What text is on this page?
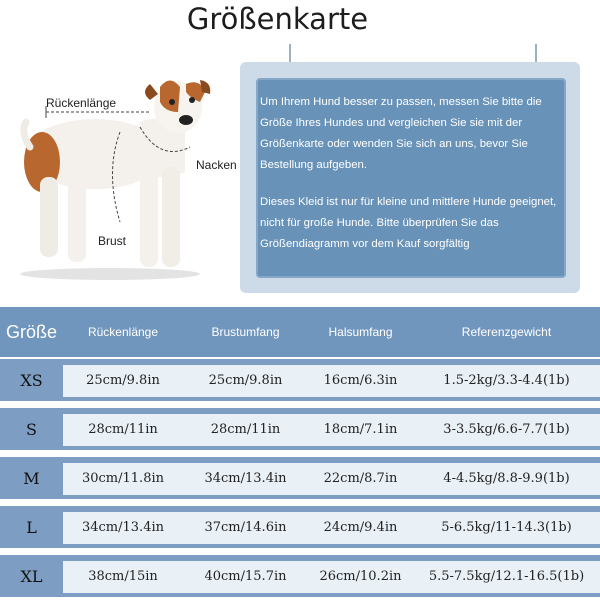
Größenkarte
Rückenlänge
Nacken
Brust

Um Ihrem Hund besser zu passen, messen Sie bitte die Größe Ihres Hundes und vergleichen Sie sie mit der Größenkarte oder wenden Sie sich an uns, bevor Sie Bestellung aufgeben.

Dieses Kleid ist nur für kleine und mittlere Hunde geeignet, nicht für große Hunde. Bitte überprüfen Sie das Größendiagramm vor dem Kauf sorgfältig

Größe	Rückenlänge	Brustumfang	Halsumfang	Referenzgewicht
XS	25cm/9.8in	25cm/9.8in	16cm/6.3in	1.5-2kg/3.3-4.4(1b)
S	28cm/11in	28cm/11in	18cm/7.1in	3-3.5kg/6.6-7.7(1b)
M	30cm/11.8in	34cm/13.4in	22cm/8.7in	4-4.5kg/8.8-9.9(1b)
L	34cm/13.4in	37cm/14.6in	24cm/9.4in	5-6.5kg/11-14.3(1b)
XL	38cm/15in	40cm/15.7in	26cm/10.2in	5.5-7.5kg/12.1-16.5(1b)
